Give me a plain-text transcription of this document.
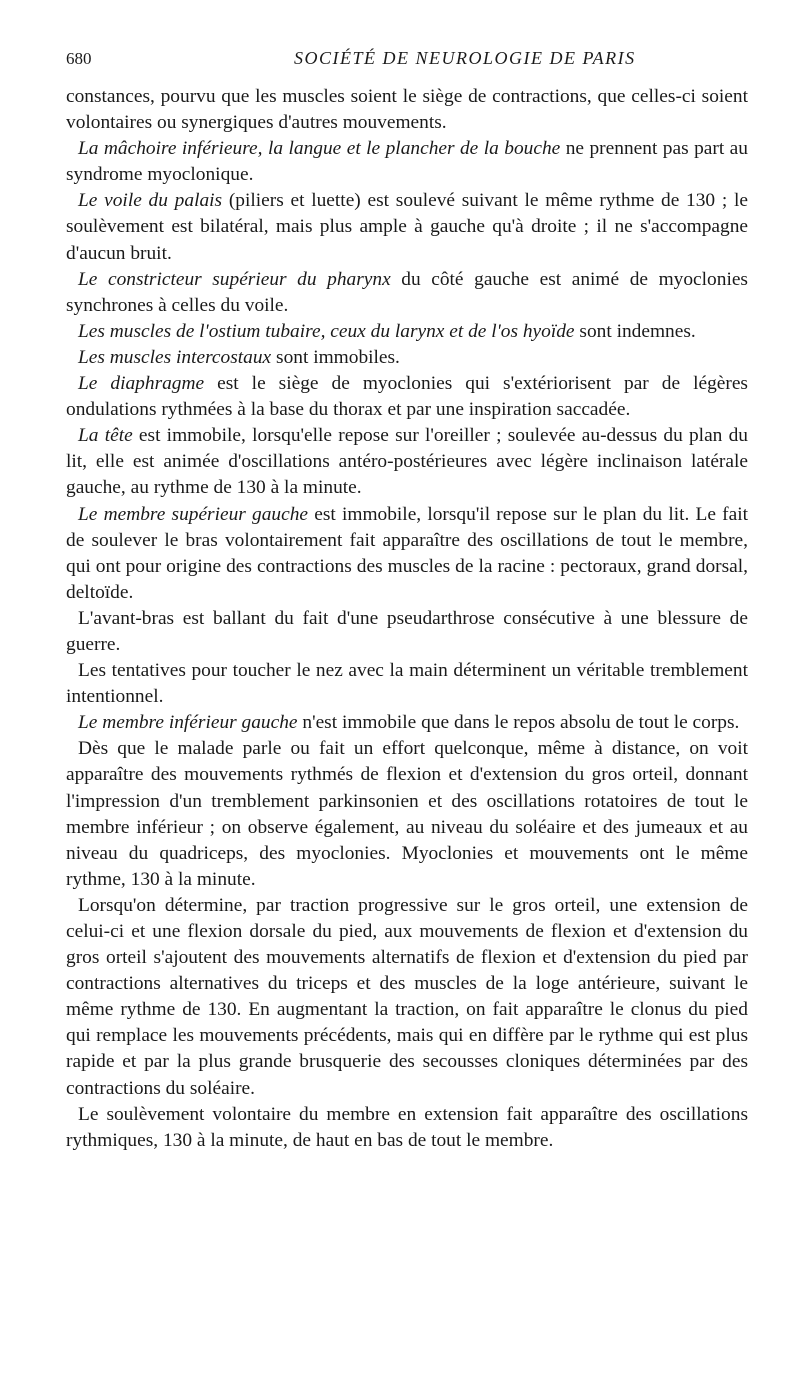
680	SOCIÉTÉ DE NEUROLOGIE DE PARIS

constances, pourvu que les muscles soient le siège de contractions, que celles-ci soient volontaires ou synergiques d'autres mouvements.

La mâchoire inférieure, la langue et le plancher de la bouche ne prennent pas part au syndrome myoclonique.

Le voile du palais (piliers et luette) est soulevé suivant le même rythme de 130 ; le soulèvement est bilatéral, mais plus ample à gauche qu'à droite ; il ne s'accompagne d'aucun bruit.

Le constricteur supérieur du pharynx du côté gauche est animé de myoclonies synchrones à celles du voile.

Les muscles de l'ostium tubaire, ceux du larynx et de l'os hyoïde sont indemnes.

Les muscles intercostaux sont immobiles.

Le diaphragme est le siège de myoclonies qui s'extériorisent par de légères ondulations rythmées à la base du thorax et par une inspiration saccadée.

La tête est immobile, lorsqu'elle repose sur l'oreiller ; soulevée au-dessus du plan du lit, elle est animée d'oscillations antéro-postérieures avec légère inclinaison latérale gauche, au rythme de 130 à la minute.

Le membre supérieur gauche est immobile, lorsqu'il repose sur le plan du lit. Le fait de soulever le bras volontairement fait apparaître des oscillations de tout le membre, qui ont pour origine des contractions des muscles de la racine : pectoraux, grand dorsal, deltoïde.

L'avant-bras est ballant du fait d'une pseudarthrose consécutive à une blessure de guerre.

Les tentatives pour toucher le nez avec la main déterminent un véritable tremblement intentionnel.

Le membre inférieur gauche n'est immobile que dans le repos absolu de tout le corps.

Dès que le malade parle ou fait un effort quelconque, même à distance, on voit apparaître des mouvements rythmés de flexion et d'extension du gros orteil, donnant l'impression d'un tremblement parkinsonien et des oscillations rotatoires de tout le membre inférieur ; on observe également, au niveau du soléaire et des jumeaux et au niveau du quadriceps, des myoclonies. Myoclonies et mouvements ont le même rythme, 130 à la minute.

Lorsqu'on détermine, par traction progressive sur le gros orteil, une extension de celui-ci et une flexion dorsale du pied, aux mouvements de flexion et d'extension du gros orteil s'ajoutent des mouvements alternatifs de flexion et d'extension du pied par contractions alternatives du triceps et des muscles de la loge antérieure, suivant le même rythme de 130. En augmentant la traction, on fait apparaître le clonus du pied qui remplace les mouvements précédents, mais qui en diffère par le rythme qui est plus rapide et par la plus grande brusquerie des secousses cloniques déterminées par des contractions du soléaire.

Le soulèvement volontaire du membre en extension fait apparaître des oscillations rythmiques, 130 à la minute, de haut en bas de tout le membre.
